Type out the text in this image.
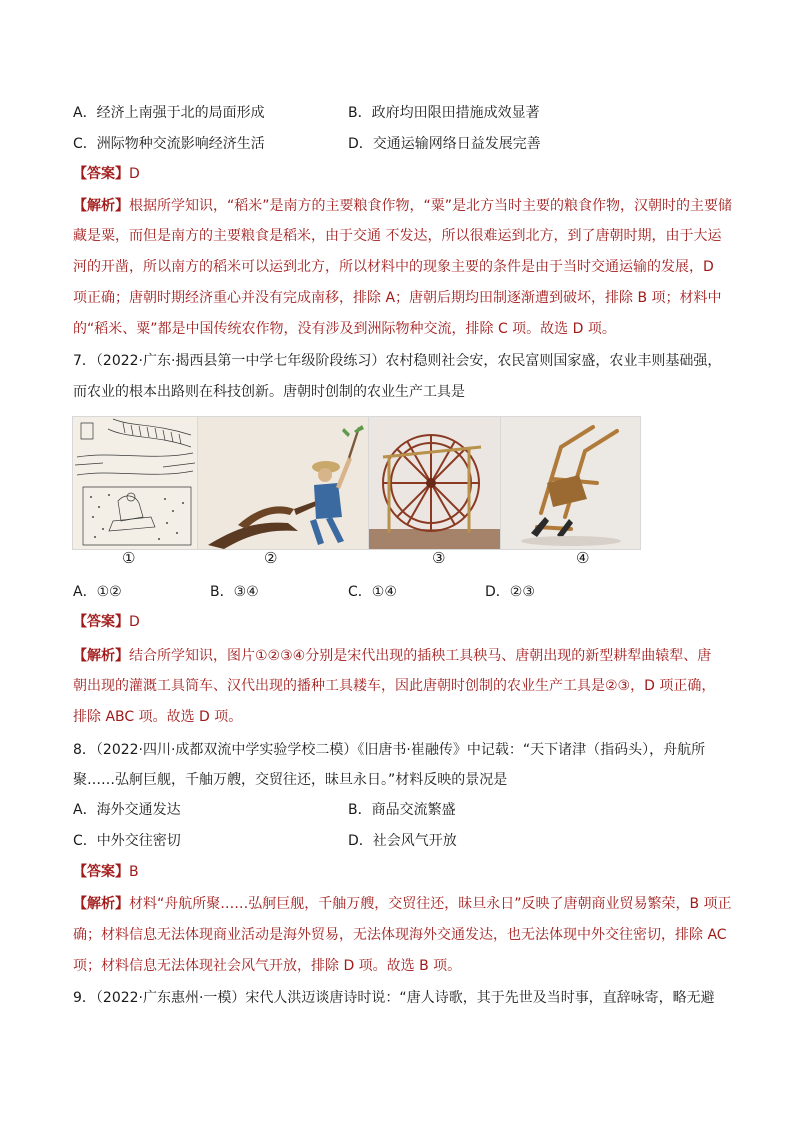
A．经济上南强于北的局面形成	B．政府均田限田措施成效显著
C．洲际物种交流影响经济生活	D．交通运输网络日益发展完善
【答案】D
【解析】根据所学知识，“稻米”是南方的主要粮食作物，“粟”是北方当时主要的粮食作物，汉朝时的主要储
藏是粟，而但是南方的主要粮食是稻米，由于交通 不发达，所以很难运到北方，到了唐朝时期，由于大运
河的开凿，所以南方的稻米可以运到北方，所以材料中的现象主要的条件是由于当时交通运输的发展，D
项正确；唐朝时期经济重心并没有完成南移，排除 A；唐朝后期均田制逐渐遭到破坏，排除 B 项；材料中
的“稻米、粟”都是中国传统农作物，没有涉及到洲际物种交流，排除 C 项。故选 D 项。
7．（2022·广东·揭西县第一中学七年级阶段练习）农村稳则社会安，农民富则国家盛，农业丰则基础强，
而农业的根本出路则在科技创新。唐朝时创制的农业生产工具是
①	②	③	④
A．①②	B．③④	C．①④	D．②③
【答案】D
【解析】结合所学知识，图片①②③④分别是宋代出现的插秧工具秧马、唐朝出现的新型耕犁曲辕犁、唐
朝出现的灌溉工具筒车、汉代出现的播种工具耧车，因此唐朝时创制的农业生产工具是②③，D 项正确，
排除 ABC 项。故选 D 项。
8．（2022·四川·成都双流中学实验学校二模）《旧唐书·崔融传》中记载：“天下诸津（指码头），舟航所
聚……弘舸巨舰，千舳万艘，交贸往还，昧旦永日。”材料反映的景况是
A．海外交通发达	B．商品交流繁盛
C．中外交往密切	D．社会风气开放
【答案】B
【解析】材料“舟航所聚……弘舸巨舰，千舳万艘，交贸往还，昧旦永日”反映了唐朝商业贸易繁荣，B 项正
确；材料信息无法体现商业活动是海外贸易，无法体现海外交通发达，也无法体现中外交往密切，排除 AC
项；材料信息无法体现社会风气开放，排除 D 项。故选 B 项。
9．（2022·广东惠州·一模）宋代人洪迈谈唐诗时说：“唐人诗歌，其于先世及当时事，直辞咏寄，略无避
